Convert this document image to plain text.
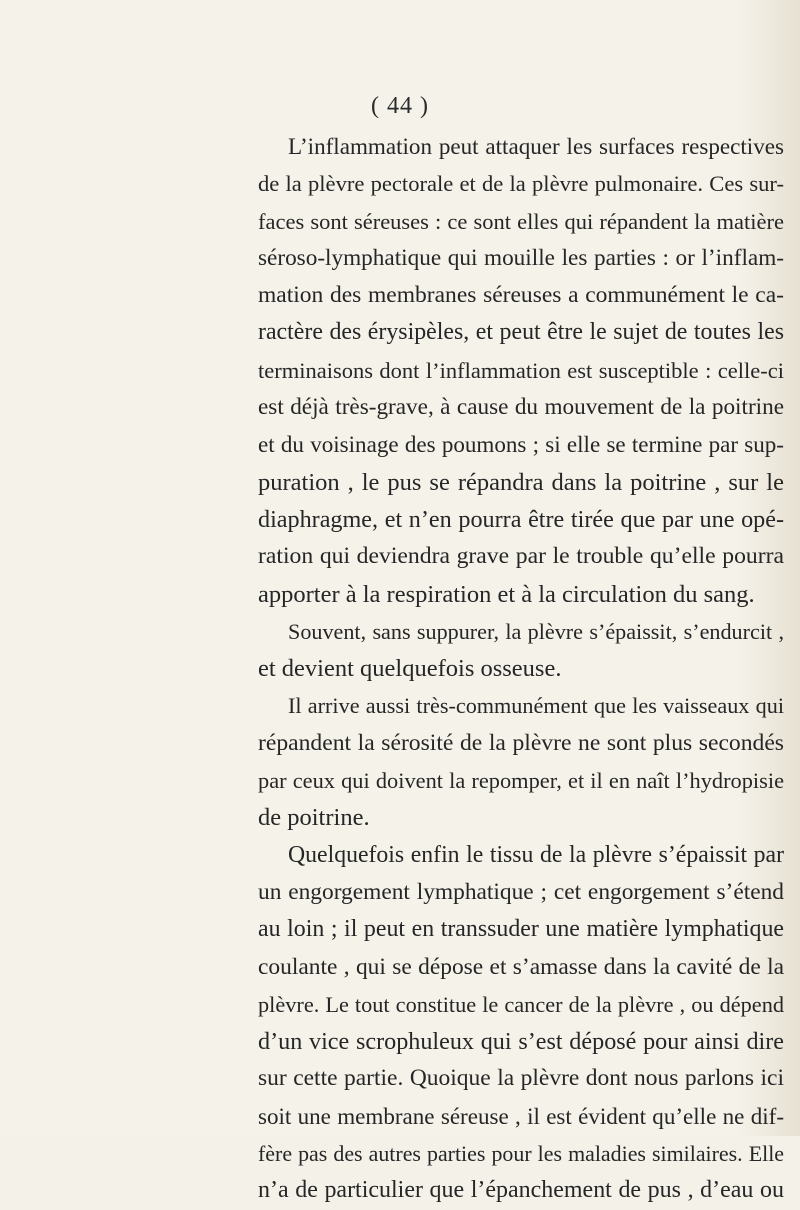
( 44 )
L’inflammation peut attaquer les surfaces respectives
de la plèvre pectorale et de la plèvre pulmonaire. Ces sur-
faces sont séreuses : ce sont elles qui répandent la matière
séroso-lymphatique qui mouille les parties : or l’inflam-
mation des membranes séreuses a communément le ca-
ractère des érysipèles, et peut être le sujet de toutes les
terminaisons dont l’inflammation est susceptible : celle-ci
est déjà très-grave, à cause du mouvement de la poitrine
et du voisinage des poumons ; si elle se termine par sup-
puration , le pus se répandra dans la poitrine , sur le
diaphragme, et n’en pourra être tirée que par une opé-
ration qui deviendra grave par le trouble qu’elle pourra
apporter à la respiration et à la circulation du sang.
Souvent, sans suppurer, la plèvre s’épaissit, s’endurcit ,
et devient quelquefois osseuse.
Il arrive aussi très-communément que les vaisseaux qui
répandent la sérosité de la plèvre ne sont plus secondés
par ceux qui doivent la repomper, et il en naît l’hydropisie
de poitrine.
Quelquefois enfin le tissu de la plèvre s’épaissit par
un engorgement lymphatique ; cet engorgement s’étend
au loin ; il peut en transsuder une matière lymphatique
coulante , qui se dépose et s’amasse dans la cavité de la
plèvre. Le tout constitue le cancer de la plèvre , ou dépend
d’un vice scrophuleux qui s’est déposé pour ainsi dire
sur cette partie. Quoique la plèvre dont nous parlons ici
soit une membrane séreuse , il est évident qu’elle ne dif-
fère pas des autres parties pour les maladies similaires. Elle
n’a de particulier que l’épanchement de pus , d’eau ou
